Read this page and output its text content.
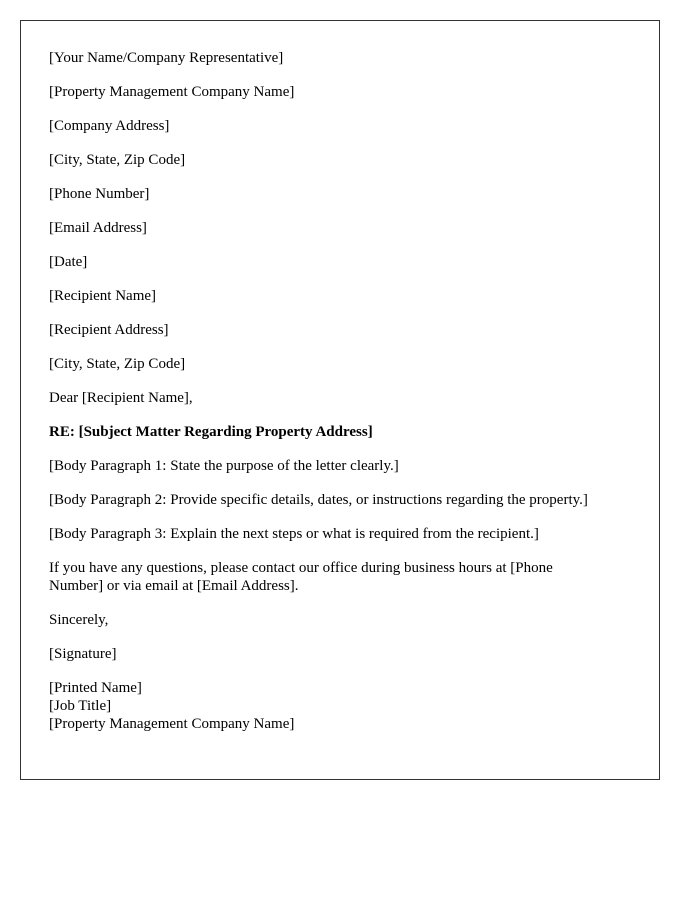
[Your Name/Company Representative]

[Property Management Company Name]

[Company Address]

[City, State, Zip Code]

[Phone Number]

[Email Address]

[Date]

[Recipient Name]

[Recipient Address]

[City, State, Zip Code]

Dear [Recipient Name],

RE: [Subject Matter Regarding Property Address]

[Body Paragraph 1: State the purpose of the letter clearly.]

[Body Paragraph 2: Provide specific details, dates, or instructions regarding the property.]

[Body Paragraph 3: Explain the next steps or what is required from the recipient.]

If you have any questions, please contact our office during business hours at [Phone

Number] or via email at [Email Address].

Sincerely,

[Signature]

[Printed Name]

[Job Title]

[Property Management Company Name]
